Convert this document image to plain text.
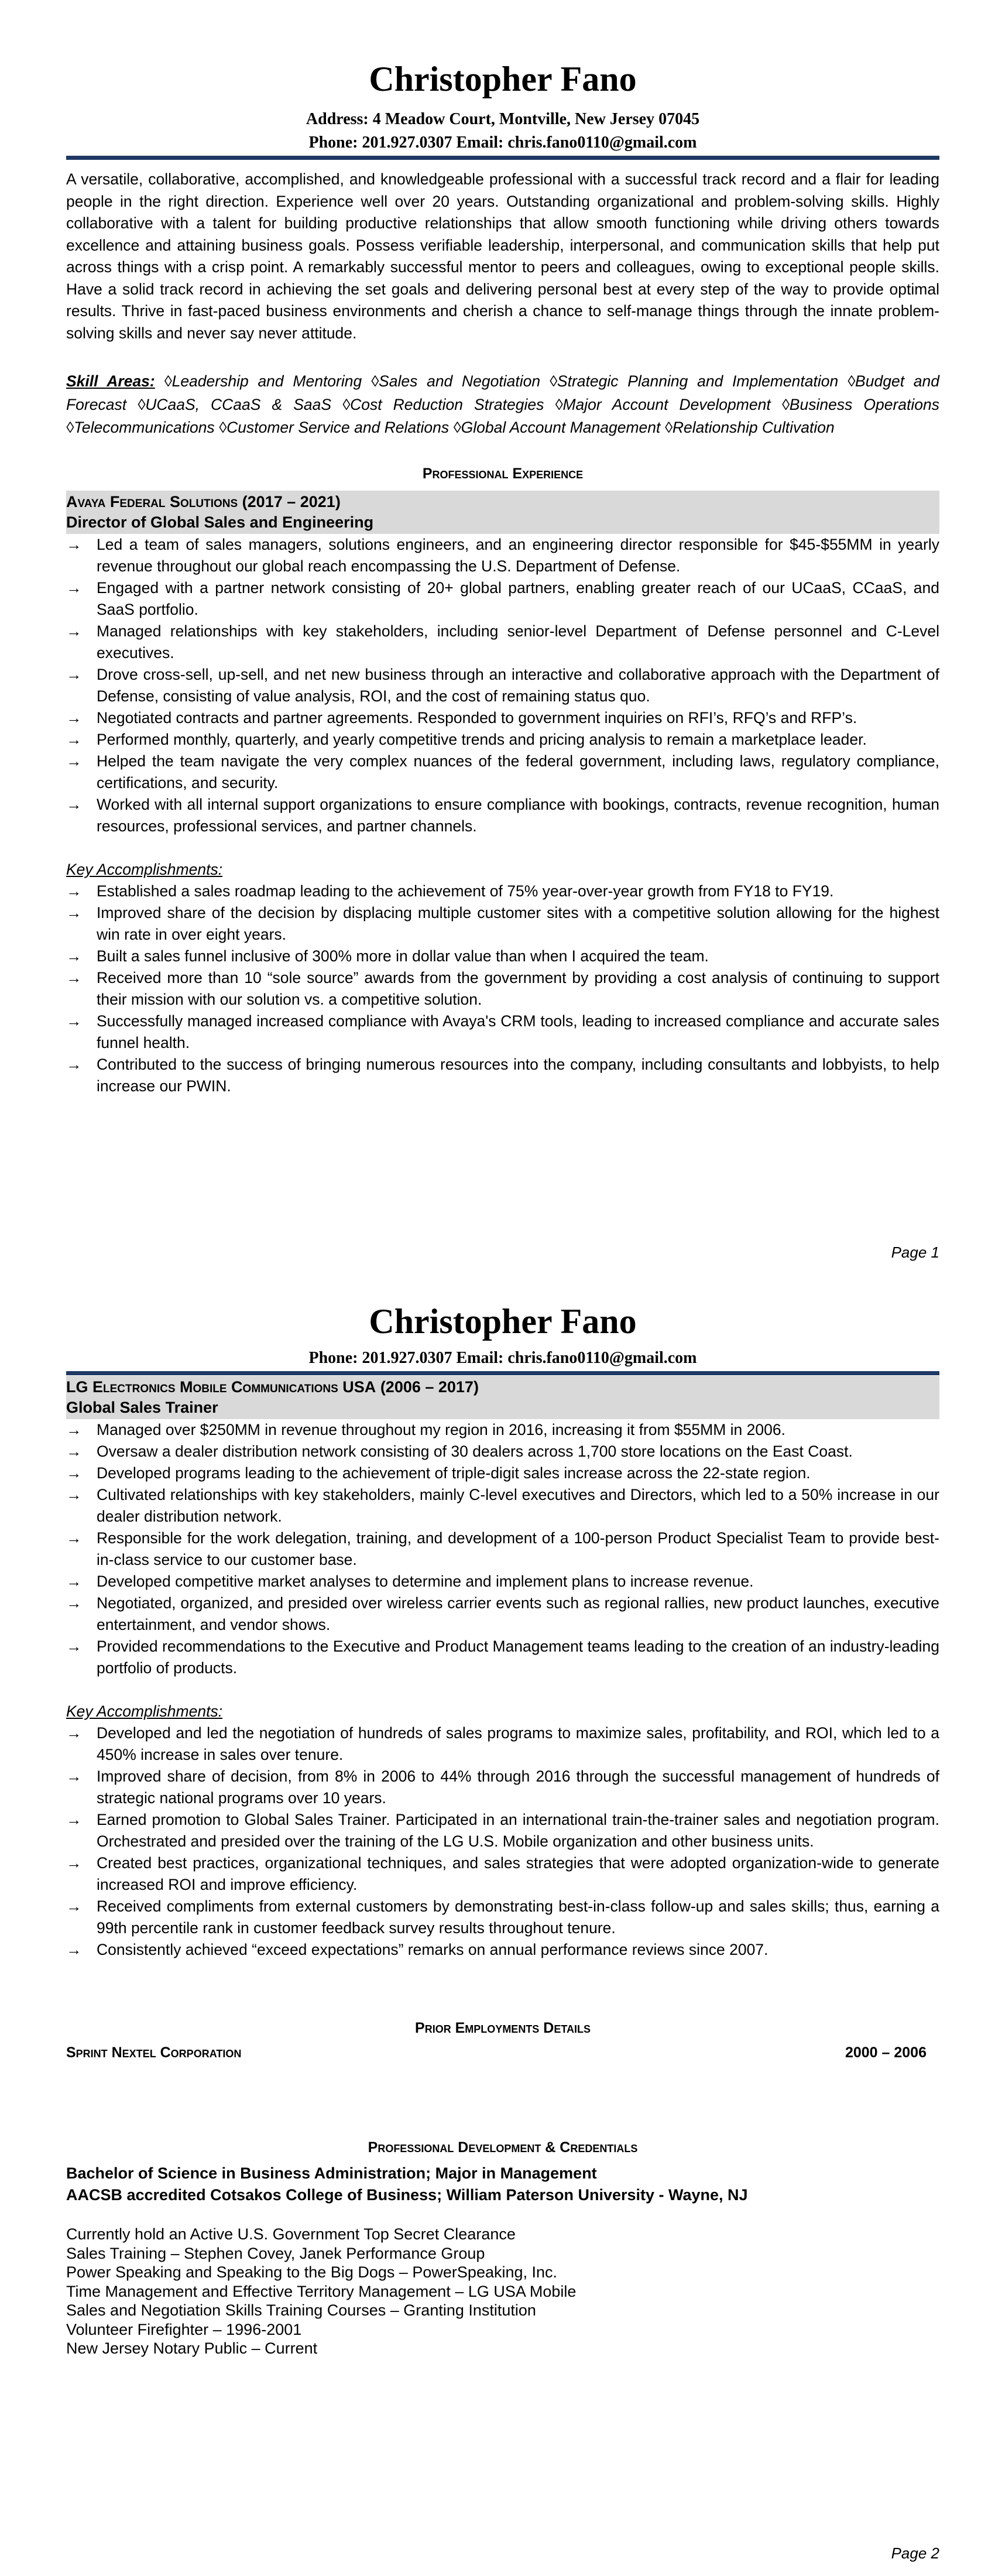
Christopher Fano
Address: 4 Meadow Court, Montville, New Jersey 07045
Phone: 201.927.0307 Email: chris.fano0110@gmail.com
A versatile, collaborative, accomplished, and knowledgeable professional with a successful track record and a flair for leading people in the right direction. Experience well over 20 years. Outstanding organizational and problem-solving skills. Highly collaborative with a talent for building productive relationships that allow smooth functioning while driving others towards excellence and attaining business goals. Possess verifiable leadership, interpersonal, and communication skills that help put across things with a crisp point. A remarkably successful mentor to peers and colleagues, owing to exceptional people skills. Have a solid track record in achieving the set goals and delivering personal best at every step of the way to provide optimal results. Thrive in fast-paced business environments and cherish a chance to self-manage things through the innate problem-solving skills and never say never attitude.
Skill Areas: ◊Leadership and Mentoring ◊Sales and Negotiation ◊Strategic Planning and Implementation ◊Budget and Forecast ◊UCaaS, CCaaS & SaaS ◊Cost Reduction Strategies ◊Major Account Development ◊Business Operations ◊Telecommunications ◊Customer Service and Relations ◊Global Account Management ◊Relationship Cultivation
Professional Experience
Avaya Federal Solutions (2017 – 2021)
Director of Global Sales and Engineering
→ Led a team of sales managers, solutions engineers, and an engineering director responsible for $45-$55MM in yearly revenue throughout our global reach encompassing the U.S. Department of Defense.
→ Engaged with a partner network consisting of 20+ global partners, enabling greater reach of our UCaaS, CCaaS, and SaaS portfolio.
→ Managed relationships with key stakeholders, including senior-level Department of Defense personnel and C-Level executives.
→ Drove cross-sell, up-sell, and net new business through an interactive and collaborative approach with the Department of Defense, consisting of value analysis, ROI, and the cost of remaining status quo.
→ Negotiated contracts and partner agreements. Responded to government inquiries on RFI’s, RFQ’s and RFP’s.
→ Performed monthly, quarterly, and yearly competitive trends and pricing analysis to remain a marketplace leader.
→ Helped the team navigate the very complex nuances of the federal government, including laws, regulatory compliance, certifications, and security.
→ Worked with all internal support organizations to ensure compliance with bookings, contracts, revenue recognition, human resources, professional services, and partner channels.
Key Accomplishments:
→ Established a sales roadmap leading to the achievement of 75% year-over-year growth from FY18 to FY19.
→ Improved share of the decision by displacing multiple customer sites with a competitive solution allowing for the highest win rate in over eight years.
→ Built a sales funnel inclusive of 300% more in dollar value than when I acquired the team.
→ Received more than 10 “sole source” awards from the government by providing a cost analysis of continuing to support their mission with our solution vs. a competitive solution.
→ Successfully managed increased compliance with Avaya's CRM tools, leading to increased compliance and accurate sales funnel health.
→ Contributed to the success of bringing numerous resources into the company, including consultants and lobbyists, to help increase our PWIN.
Page 1
Christopher Fano
Phone: 201.927.0307 Email: chris.fano0110@gmail.com
LG Electronics Mobile Communications USA (2006 – 2017)
Global Sales Trainer
→ Managed over $250MM in revenue throughout my region in 2016, increasing it from $55MM in 2006.
→ Oversaw a dealer distribution network consisting of 30 dealers across 1,700 store locations on the East Coast.
→ Developed programs leading to the achievement of triple-digit sales increase across the 22-state region.
→ Cultivated relationships with key stakeholders, mainly C-level executives and Directors, which led to a 50% increase in our dealer distribution network.
→ Responsible for the work delegation, training, and development of a 100-person Product Specialist Team to provide best-in-class service to our customer base.
→ Developed competitive market analyses to determine and implement plans to increase revenue.
→ Negotiated, organized, and presided over wireless carrier events such as regional rallies, new product launches, executive entertainment, and vendor shows.
→ Provided recommendations to the Executive and Product Management teams leading to the creation of an industry-leading portfolio of products.
Key Accomplishments:
→ Developed and led the negotiation of hundreds of sales programs to maximize sales, profitability, and ROI, which led to a 450% increase in sales over tenure.
→ Improved share of decision, from 8% in 2006 to 44% through 2016 through the successful management of hundreds of strategic national programs over 10 years.
→ Earned promotion to Global Sales Trainer. Participated in an international train-the-trainer sales and negotiation program. Orchestrated and presided over the training of the LG U.S. Mobile organization and other business units.
→ Created best practices, organizational techniques, and sales strategies that were adopted organization-wide to generate increased ROI and improve efficiency.
→ Received compliments from external customers by demonstrating best-in-class follow-up and sales skills; thus, earning a 99th percentile rank in customer feedback survey results throughout tenure.
→ Consistently achieved “exceed expectations” remarks on annual performance reviews since 2007.
Prior Employments Details
Sprint Nextel Corporation	2000 – 2006
Professional Development & Credentials
Bachelor of Science in Business Administration; Major in Management
AACSB accredited Cotsakos College of Business; William Paterson University - Wayne, NJ
Currently hold an Active U.S. Government Top Secret Clearance
Sales Training – Stephen Covey, Janek Performance Group
Power Speaking and Speaking to the Big Dogs – PowerSpeaking, Inc.
Time Management and Effective Territory Management – LG USA Mobile
Sales and Negotiation Skills Training Courses – Granting Institution
Volunteer Firefighter – 1996-2001
New Jersey Notary Public – Current
Page 2
